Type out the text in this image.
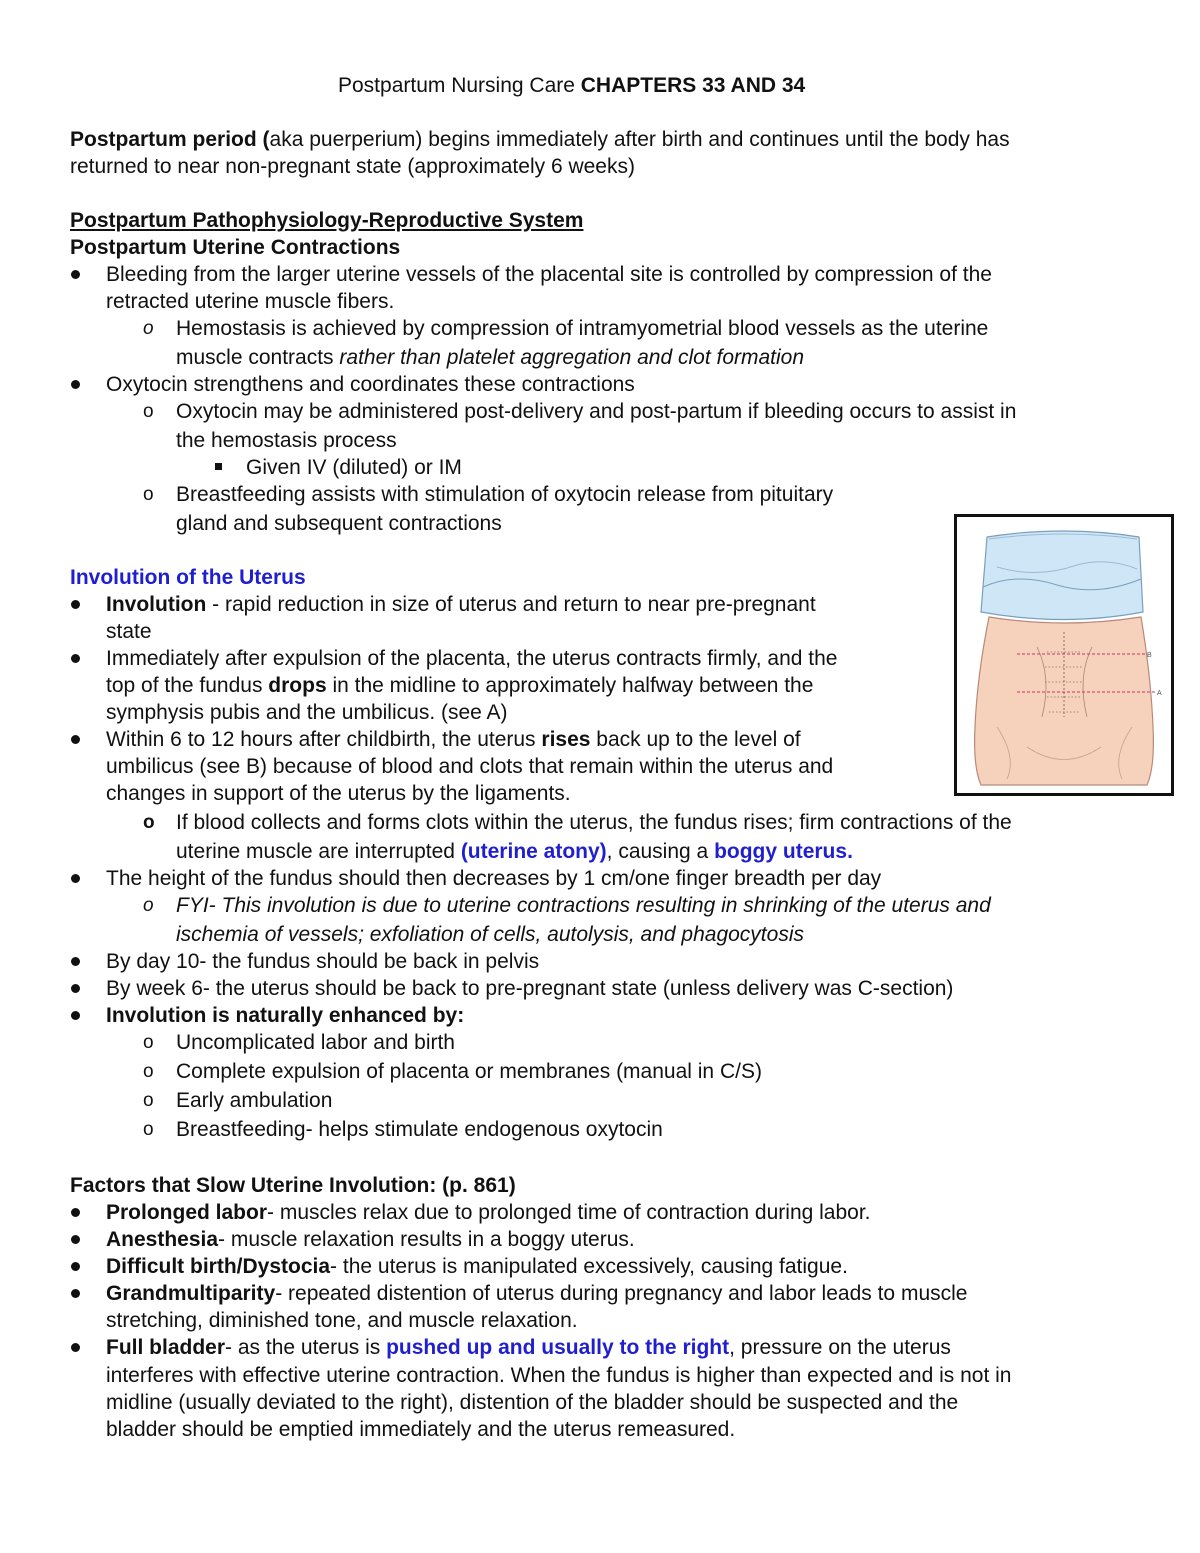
Postpartum Nursing Care CHAPTERS 33 AND 34
Postpartum period (aka puerperium) begins immediately after birth and continues until the body has
returned to near non-pregnant state (approximately 6 weeks)
Postpartum Pathophysiology-Reproductive System
Postpartum Uterine Contractions
Bleeding from the larger uterine vessels of the placental site is controlled by compression of the
retracted uterine muscle fibers.
o Hemostasis is achieved by compression of intramyometrial blood vessels as the uterine
muscle contracts rather than platelet aggregation and clot formation
Oxytocin strengthens and coordinates these contractions
o Oxytocin may be administered post-delivery and post-partum if bleeding occurs to assist in
the hemostasis process
Given IV (diluted) or IM
o Breastfeeding assists with stimulation of oxytocin release from pituitary
gland and subsequent contractions
Involution of the Uterus
Involution - rapid reduction in size of uterus and return to near pre-pregnant
state
Immediately after expulsion of the placenta, the uterus contracts firmly, and the
top of the fundus drops in the midline to approximately halfway between the
symphysis pubis and the umbilicus. (see A)
Within 6 to 12 hours after childbirth, the uterus rises back up to the level of
umbilicus (see B) because of blood and clots that remain within the uterus and
changes in support of the uterus by the ligaments.
o If blood collects and forms clots within the uterus, the fundus rises; firm contractions of the
uterine muscle are interrupted (uterine atony), causing a boggy uterus.
The height of the fundus should then decreases by 1 cm/one finger breadth per day
o FYI- This involution is due to uterine contractions resulting in shrinking of the uterus and
ischemia of vessels; exfoliation of cells, autolysis, and phagocytosis
By day 10- the fundus should be back in pelvis
By week 6- the uterus should be back to pre-pregnant state (unless delivery was C-section)
Involution is naturally enhanced by:
o Uncomplicated labor and birth
o Complete expulsion of placenta or membranes (manual in C/S)
o Early ambulation
o Breastfeeding- helps stimulate endogenous oxytocin
Factors that Slow Uterine Involution: (p. 861)
Prolonged labor- muscles relax due to prolonged time of contraction during labor.
Anesthesia- muscle relaxation results in a boggy uterus.
Difficult birth/Dystocia- the uterus is manipulated excessively, causing fatigue.
Grandmultiparity- repeated distention of uterus during pregnancy and labor leads to muscle
stretching, diminished tone, and muscle relaxation.
Full bladder- as the uterus is pushed up and usually to the right, pressure on the uterus
interferes with effective uterine contraction. When the fundus is higher than expected and is not in
midline (usually deviated to the right), distention of the bladder should be suspected and the
bladder should be emptied immediately and the uterus remeasured.
B
A
